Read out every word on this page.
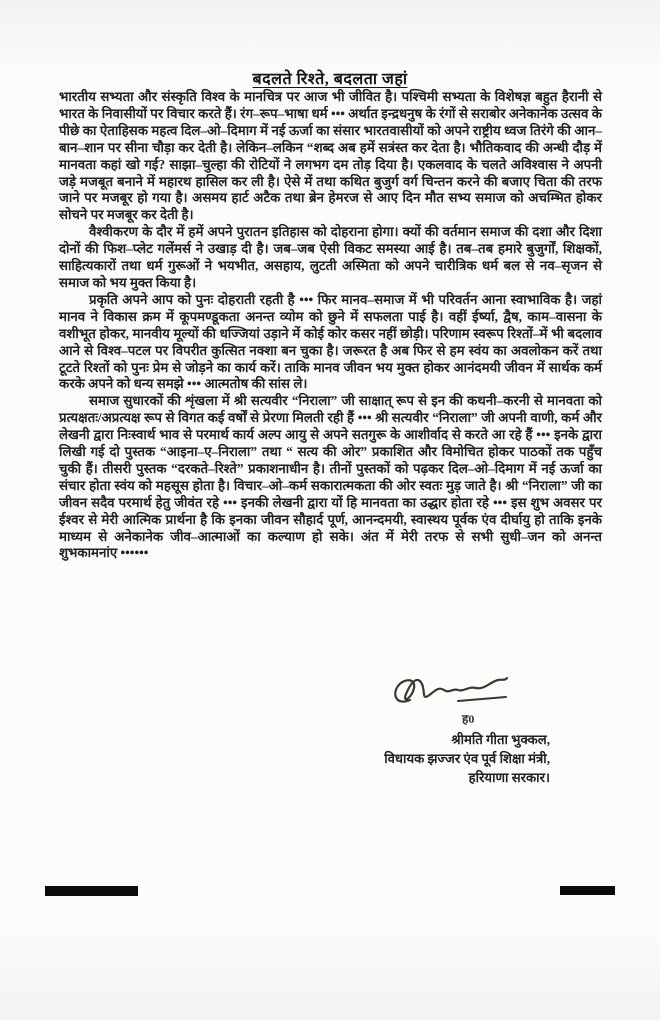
बदलते रिश्ते, बदलता जहां

भारतीय सभ्यता और संस्कृति विश्व के मानचित्र पर आज भी जीवित है। पश्चिमी सभ्यता के विशेषज्ञ बहुत हैरानी से भारत के निवासीयों पर विचार करते हैं। रंग–रूप–भाषा धर्म ••• अर्थात इन्द्रधनुष के रंगों से सराबोर अनेकानेक उत्सव के पीछे का ऐताहिसक महत्व दिल–ओ–दिमाग में नई ऊर्जा का संसार भारतवासीयों को अपने राष्ट्रीय ध्वज तिरंगे की आन–बान–शान पर सीना चौड़ा कर देती है। लेकिन–लकिन “शब्द अब हमें सत्रंस्त कर देता है। भौतिकवाद की अन्धी दौड़ में मानवता कहां खो गई? साझा–चुल्हा की रोटियों ने लगभग दम तोड़ दिया है। एकलवाद के चलते अविश्वास ने अपनी जड़े मजबूत बनाने में महारथ हासिल कर ली है। ऐसे में तथा कथित बुजुर्ग वर्ग चिन्तन करने की बजाए चिता की तरफ जाने पर मजबूर हो गया है। असमय हार्ट अटैक तथा ब्रेन हेमरज से आए दिन मौत सभ्य समाज को अचम्भित होकर सोचने पर मजबूर कर देती है।

वैश्वीकरण के दौर में हमें अपने पुरातन इतिहास को दोहराना होगा। क्यों की वर्तमान समाज की दशा और दिशा दोनों की फिश–प्लेट गलेंमर्स ने उखाड़ दी है। जब–जब ऐसी विकट समस्या आई है। तब–तब हमारे बुजुर्गों, शिक्षकों, साहित्यकारों तथा धर्म गुरूओं ने भयभीत, असहाय, लुटती अस्मिता को अपने चारीत्रिक धर्म बल से नव–सृजन से समाज को भय मुक्त किया है।

प्रकृति अपने आप को पुनः दोहराती रहती है ••• फिर मानव–समाज में भी परिवर्तन आना स्वाभाविक है। जहां मानव ने विकास क्रम में कूपमण्डूकता अनन्त व्योम को छुने में सफलता पाई है। वहीं ईर्ष्या, द्वैष, काम–वासना के वशीभूत होकर, मानवीय मूल्यों की धज्जियां उड़ाने में कोई कोर कसर नहीं छोड़ी। परिणाम स्वरूप रिश्तों–में भी बदलाव आने से विश्व–पटल पर विपरीत कुत्सित नक्शा बन चुका है। जरूरत है अब फिर से हम स्वंय का अवलोकन करें तथा टूटते रिश्तों को पुनः प्रेम से जोड़ने का कार्य करें। ताकि मानव जीवन भय मुक्त होकर आनंदमयी जीवन में सार्थक कर्म करके अपने को धन्य समझे ••• आत्मतोष की सांस ले।

समाज सुधारकों की शृंखला में श्री सत्यवीर “निराला” जी साक्षात् रूप से इन की कथनी–करनी से मानवता को प्रत्यक्षतः/अप्रत्यक्ष रूप से विगत कई वर्षों से प्रेरणा मिलती रही हैं ••• श्री सत्यवीर “निराला” जी अपनी वाणी, कर्म और लेखनी द्वारा निःस्वार्थ भाव से परमार्थ कार्य अल्प आयु से अपने सतगुरू के आशीर्वाद से करते आ रहे हैं ••• इनके द्वारा लिखी गई दो पुस्तक “आइना–ए–निराला” तथा “ सत्य की ओर” प्रकाशित और विमोचित होकर पाठकों तक पहुँच चुकी हैं। तीसरी पुस्तक “दरकते–रिश्ते” प्रकाशनाधीन है। तीनों पुस्तकों को पढ़कर दिल–ओ–दिमाग में नई ऊर्जा का संचार होता स्वंय को महसूस होता है। विचार–ओ–कर्म सकारात्मकता की ओर स्वतः मुड़ जाते है। श्री “निराला” जी का जीवन सदैव परमार्थ हेतु जीवंत रहे ••• इनकी लेखनी द्वारा यों हि मानवता का उद्धार होता रहे ••• इस शुभ अवसर पर ईश्वर से मेरी आत्मिक प्रार्थना है कि इनका जीवन सौहार्द पूर्ण, आनन्दमयी, स्वास्थय पूर्वक एंव दीर्घायु हो ताकि इनके माध्यम से अनेकानेक जीव–आत्माओं का कल्याण हो सके। अंत में मेरी तरफ से सभी सुधी–जन को अनन्त शुभकामनांए ••••••

ह0
श्रीमति गीता भुक्कल,
विधायक झज्जर एंव पूर्व शिक्षा मंत्री,
हरियाणा सरकार।
